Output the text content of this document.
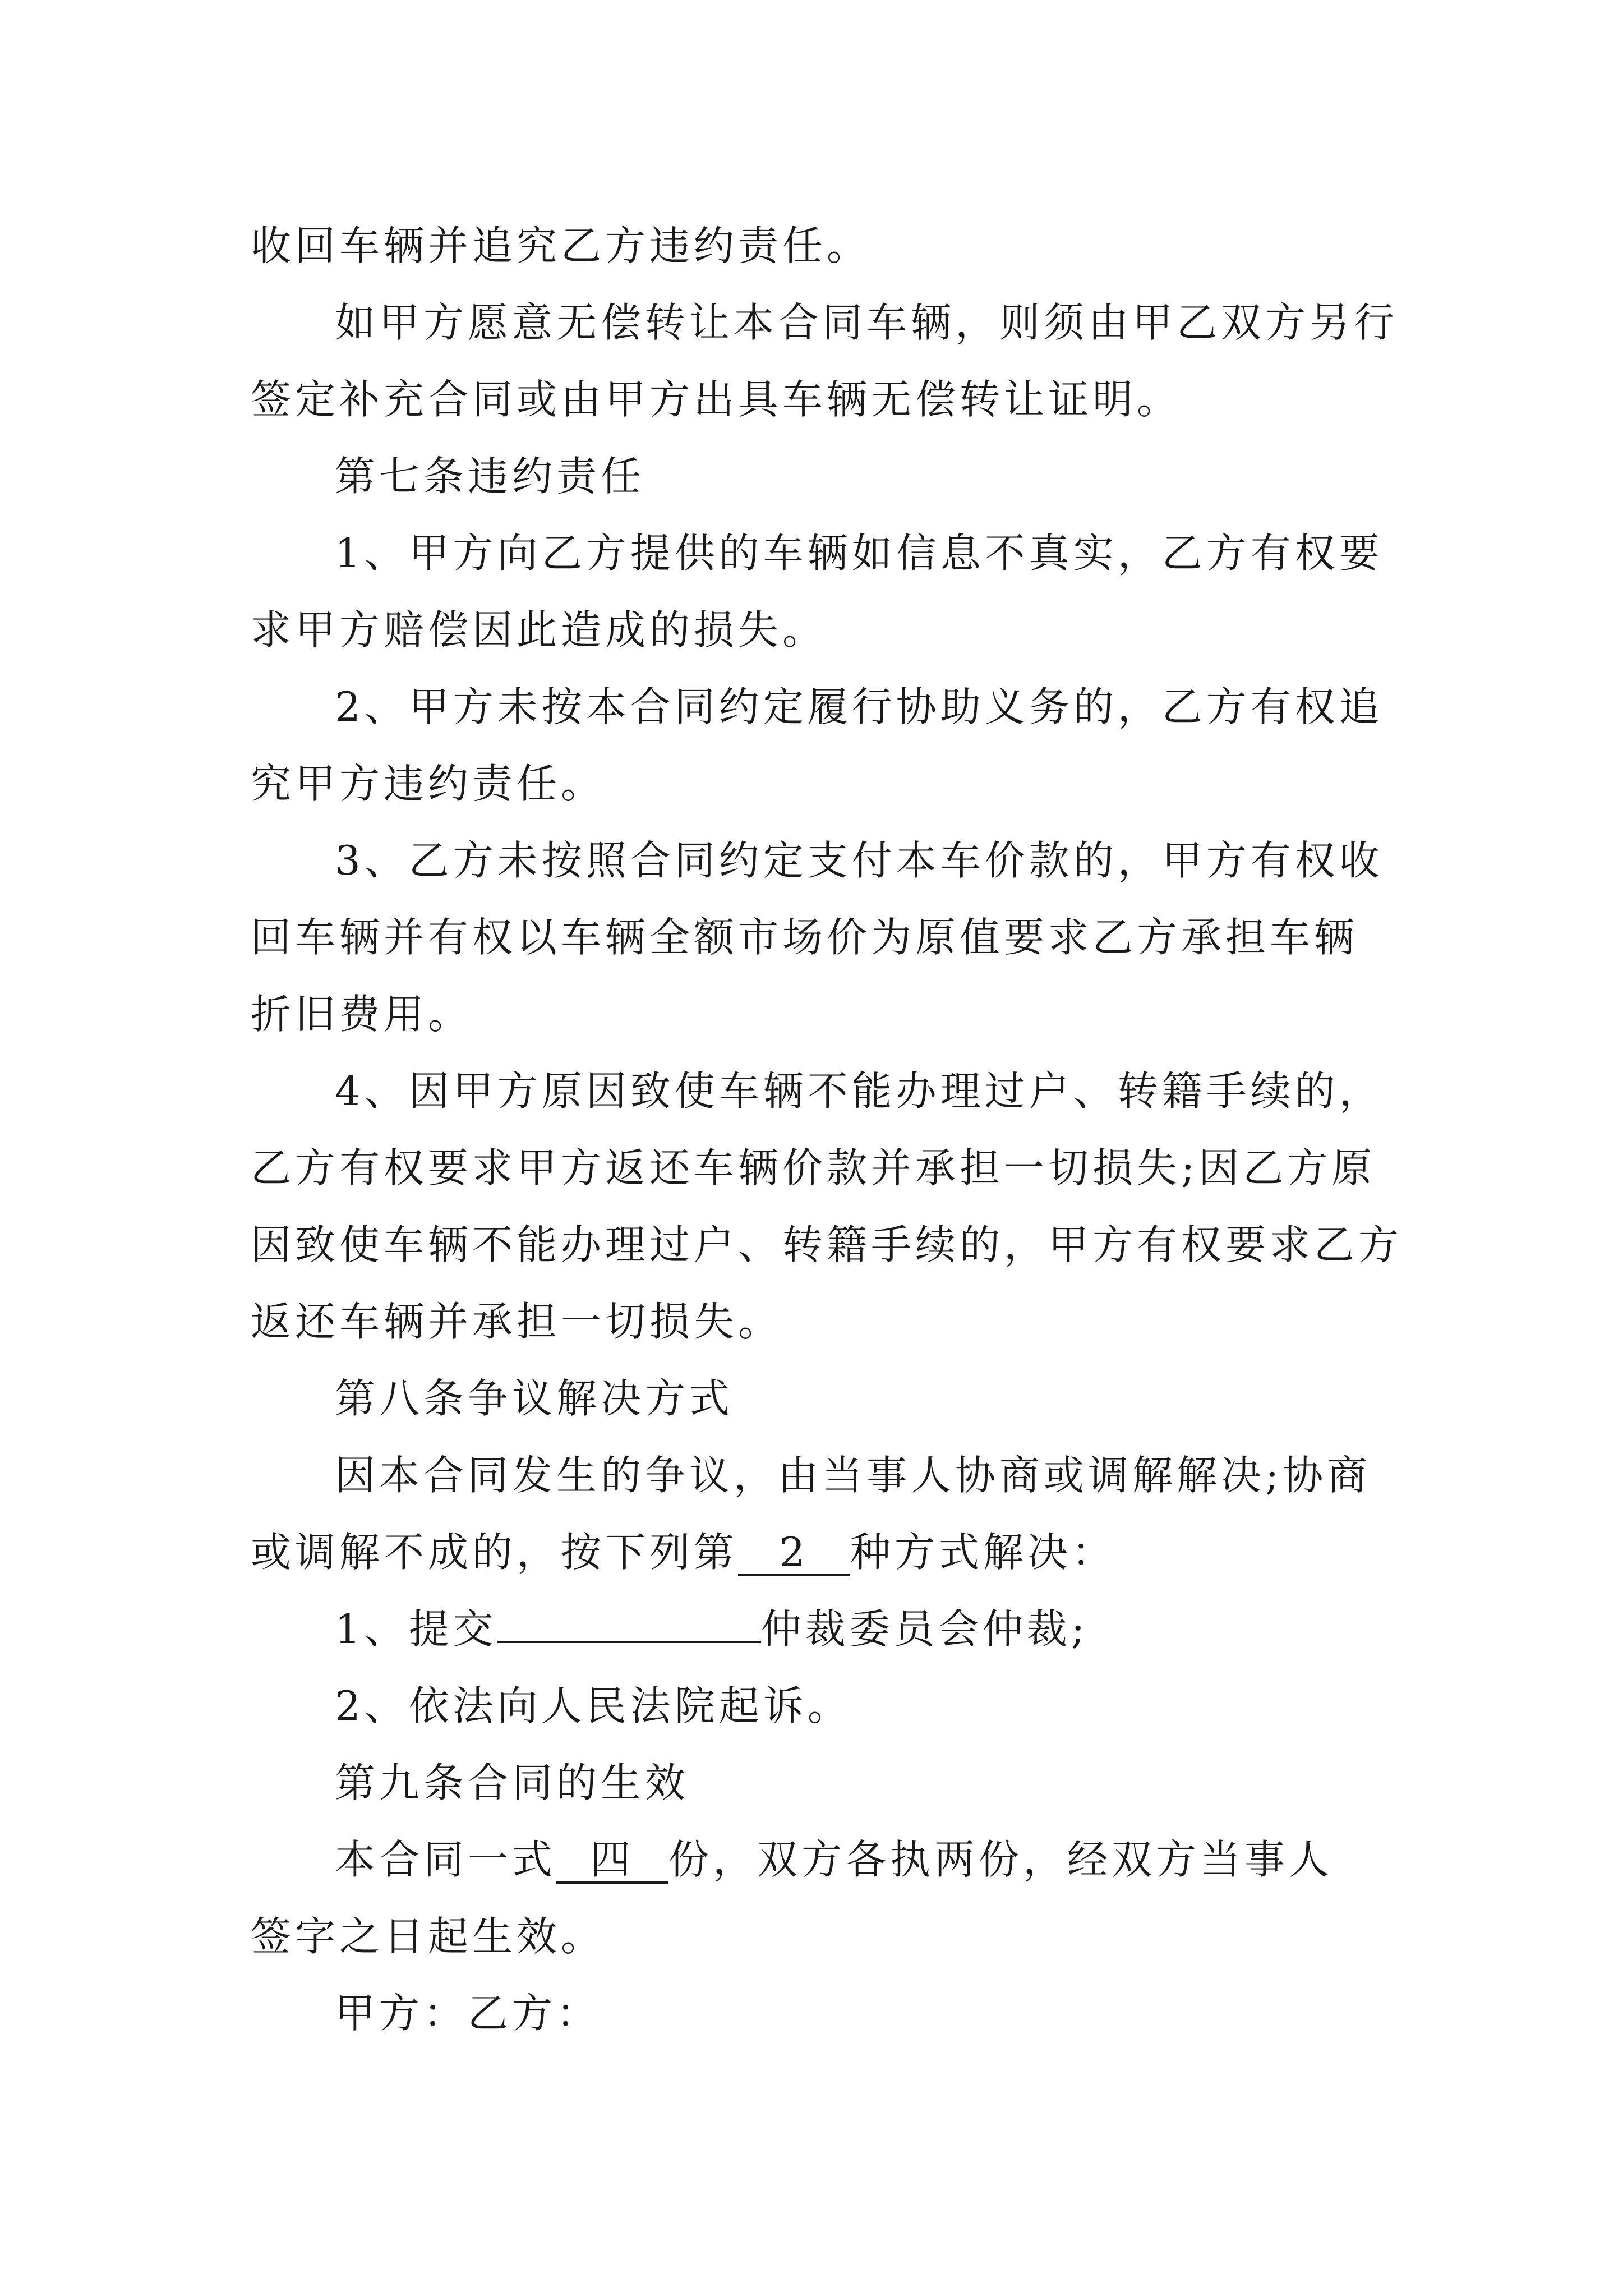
收回车辆并追究乙方违约责任。

如甲方愿意无偿转让本合同车辆，则须由甲乙双方另行

签定补充合同或由甲方出具车辆无偿转让证明。

第七条违约责任

1、甲方向乙方提供的车辆如信息不真实，乙方有权要

求甲方赔偿因此造成的损失。

2、甲方未按本合同约定履行协助义务的，乙方有权追

究甲方违约责任。

3、乙方未按照合同约定支付本车价款的，甲方有权收

回车辆并有权以车辆全额市场价为原值要求乙方承担车辆

折旧费用。

4、因甲方原因致使车辆不能办理过户、转籍手续的，

乙方有权要求甲方返还车辆价款并承担一切损失;因乙方原

因致使车辆不能办理过户、转籍手续的，甲方有权要求乙方

返还车辆并承担一切损失。

第八条争议解决方式

因本合同发生的争议，由当事人协商或调解解决;协商

或调解不成的，按下列第 2 种方式解决：

1、提交	仲裁委员会仲裁;

2、依法向人民法院起诉。

第九条合同的生效

本合同一式 四 份，双方各执两份，经双方当事人

签字之日起生效。

甲方：乙方：
